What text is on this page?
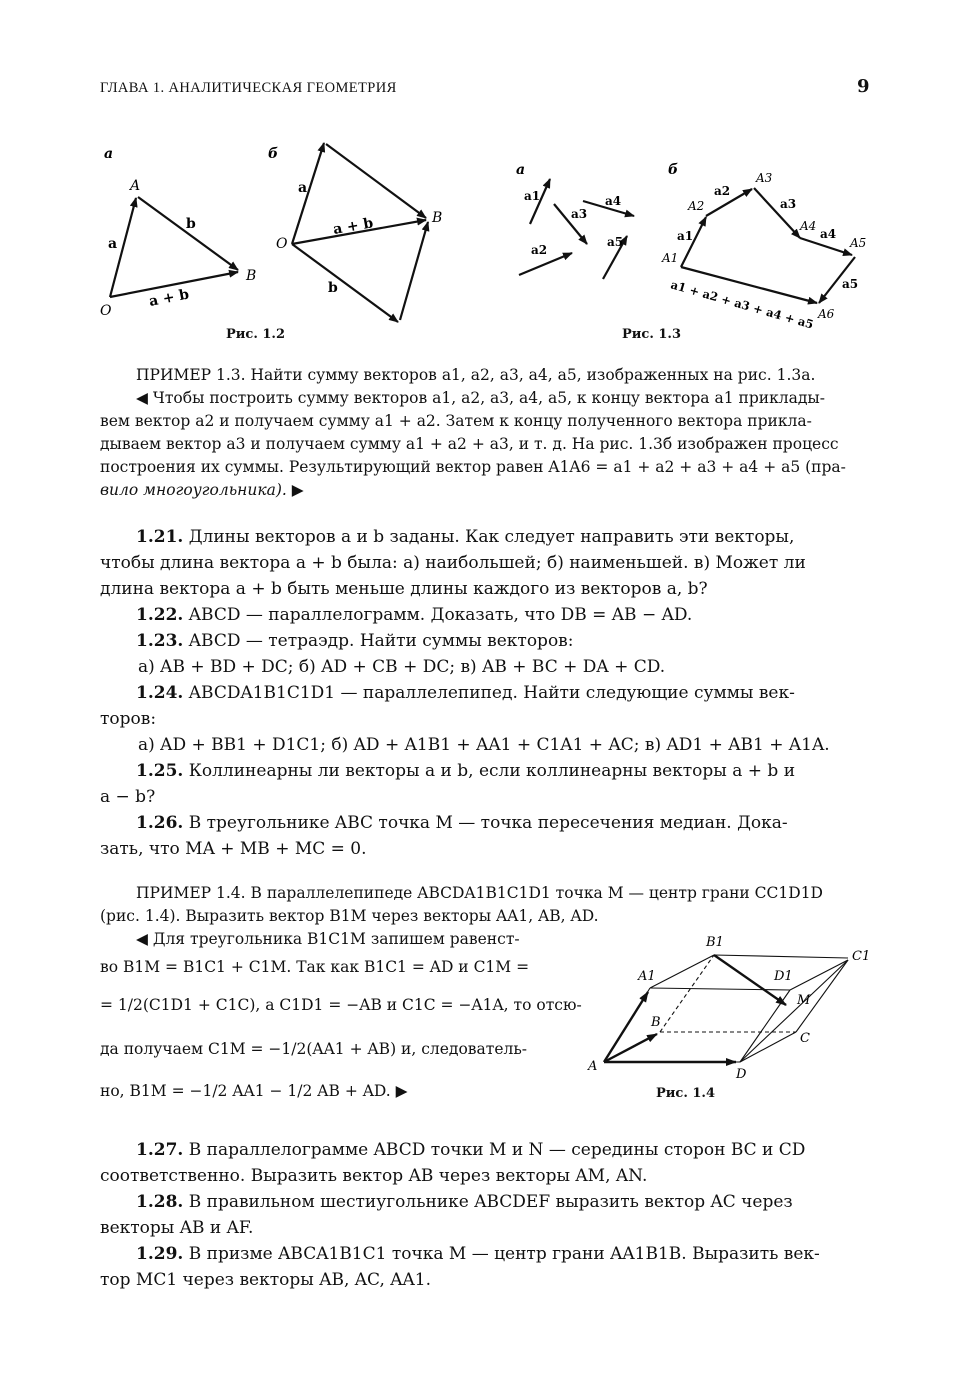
ГЛАВА 1. АНАЛИТИЧЕСКАЯ ГЕОМЕТРИЯ	9
а	б
A
B
O
a
b
a + b
O
B
a
a + b
b
а	б
a1
a2
a3
a4
a5
A1
A2
A3
A4
A5
A6
a1
a2
a3
a4
a5
a1 + a2 + a3 + a4 + a5
Рис. 1.2	Рис. 1.3
ПРИМЕР 1.3. Найти сумму векторов a1, a2, a3, a4, a5, изображенных на рис. 1.3а.
◀ Чтобы построить сумму векторов a1, a2, a3, a4, a5, к концу вектора a1 приклады-
вем вектор a2 и получаем сумму a1 + a2. Затем к концу полученного вектора прикла-
дываем вектор a3 и получаем сумму a1 + a2 + a3, и т. д. На рис. 1.3б изображен процесс
построения их суммы. Результирующий вектор равен A1A6 = a1 + a2 + a3 + a4 + a5 (пра-
вило многоугольника). ▶
1.21. Длины векторов a и b заданы. Как следует направить эти векторы,
чтобы длина вектора a + b была: а) наибольшей; б) наименьшей. в) Может ли
длина вектора a + b быть меньше длины каждого из векторов a, b?
1.22. ABCD — параллелограмм. Доказать, что DB = AB − AD.
1.23. ABCD — тетраэдр. Найти суммы векторов:
а) AB + BD + DC; б) AD + CB + DC; в) AB + BC + DA + CD.
1.24. ABCDA1B1C1D1 — параллелепипед. Найти следующие суммы век-
торов:
а) AD + BB1 + D1C1; б) AD + A1B1 + AA1 + C1A1 + AC; в) AD1 + AB1 + A1A.
1.25. Коллинеарны ли векторы a и b, если коллинеарны векторы a + b и
a − b?
1.26. В треугольнике ABC точка M — точка пересечения медиан. Дока-
зать, что MA + MB + MC = 0.
ПРИМЕР 1.4. В параллелепипеде ABCDA1B1C1D1 точка M — центр грани CC1D1D
(рис. 1.4). Выразить вектор B1M через векторы AA1, AB, AD.
◀ Для треугольника B1C1M запишем равенст-
во B1M = B1C1 + C1M. Так как B1C1 = AD и C1M =
= 1/2(C1D1 + C1C), а C1D1 = −AB и C1C = −A1A, то отсю-
да получаем C1M = −1/2(AA1 + AB) и, следователь-
но, B1M = −1/2 AA1 − 1/2 AB + AD. ▶
A
B
C
D
A1
B1
C1
D1
M
Рис. 1.4
1.27. В параллелограмме ABCD точки M и N — середины сторон BC и CD
соответственно. Выразить вектор AB через векторы AM, AN.
1.28. В правильном шестиугольнике ABCDEF выразить вектор AC через
векторы AB и AF.
1.29. В призме ABCA1B1C1 точка M — центр грани AA1B1B. Выразить век-
тор MC1 через векторы AB, AC, AA1.
